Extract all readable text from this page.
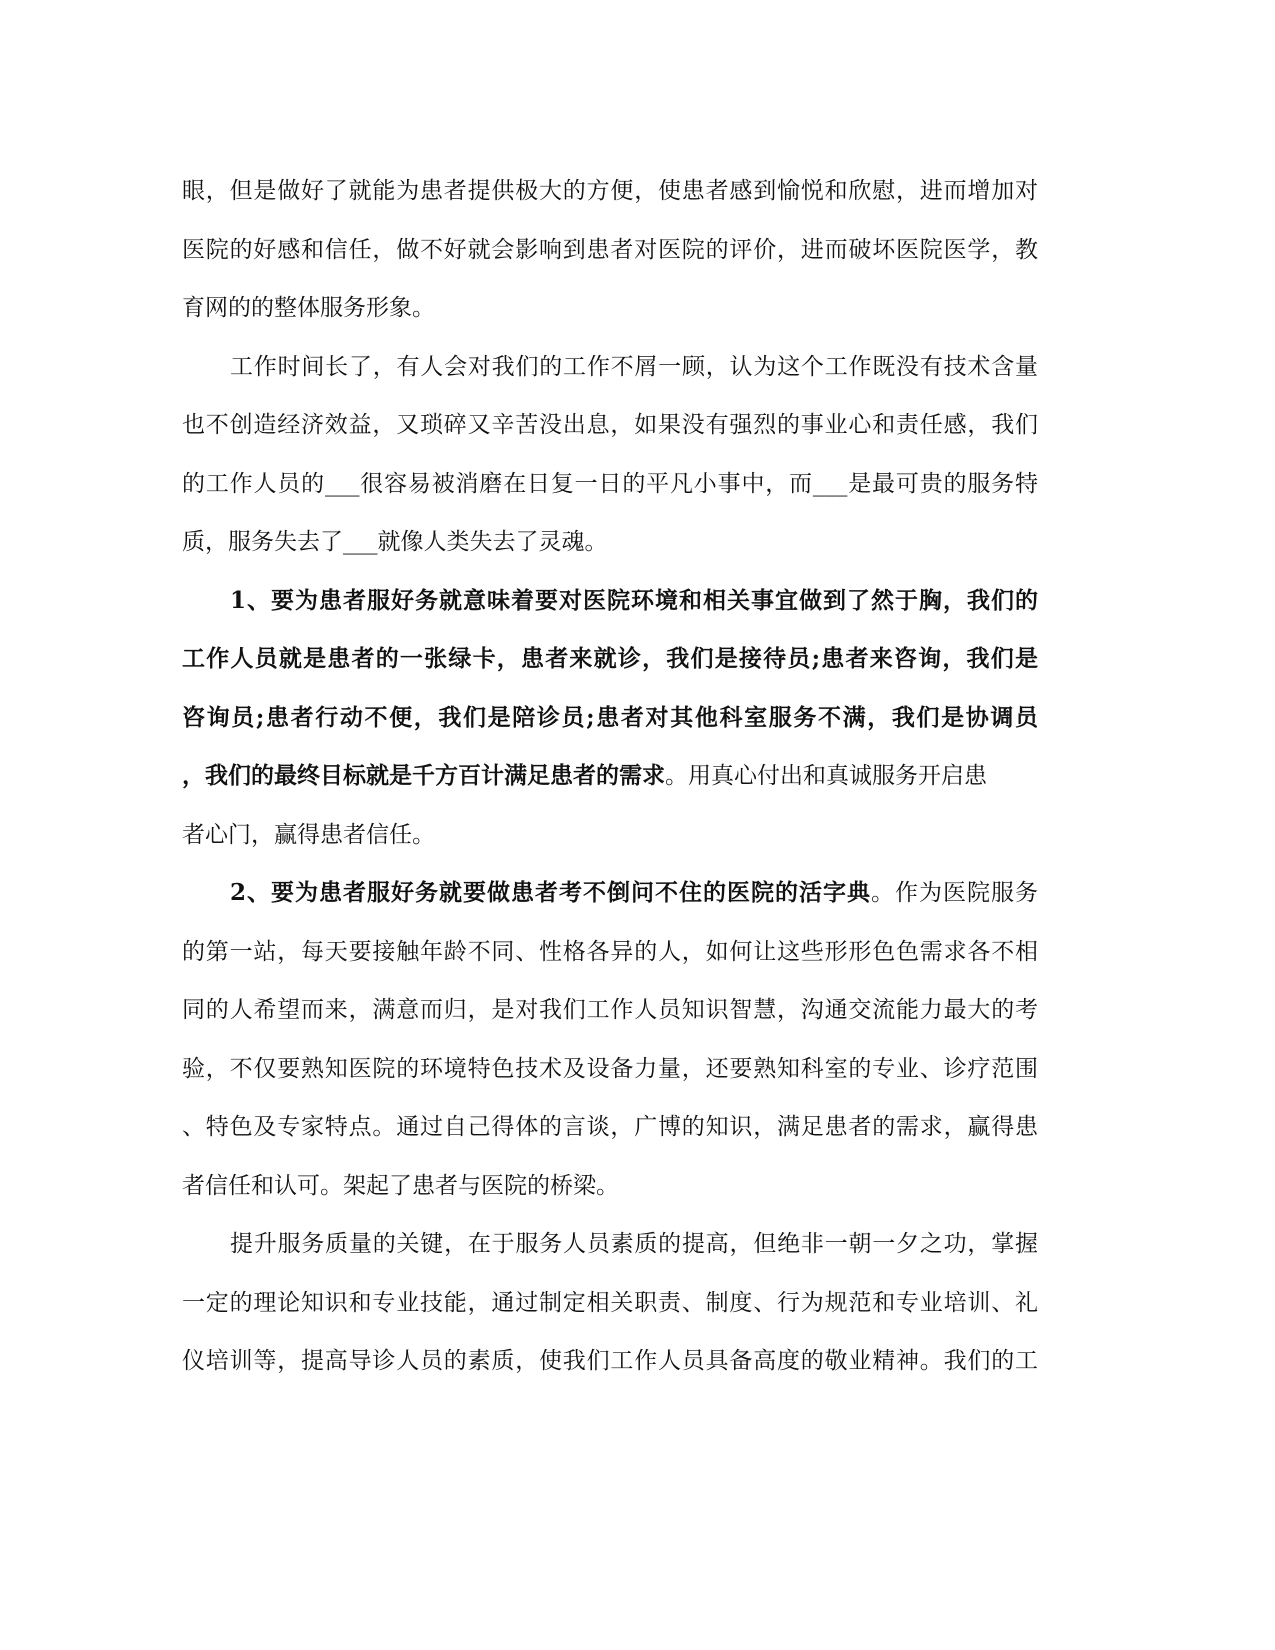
眼，但是做好了就能为患者提供极大的方便，使患者感到愉悦和欣慰，进而增加对
医院的好感和信任，做不好就会影响到患者对医院的评价，进而破坏医院医学，教
育网的的整体服务形象。
工作时间长了，有人会对我们的工作不屑一顾，认为这个工作既没有技术含量
也不创造经济效益，又琐碎又辛苦没出息，如果没有强烈的事业心和责任感，我们
的工作人员的___很容易被消磨在日复一日的平凡小事中，而___是最可贵的服务特
质，服务失去了___就像人类失去了灵魂。
1、要为患者服好务就意味着要对医院环境和相关事宜做到了然于胸，我们的
工作人员就是患者的一张绿卡，患者来就诊，我们是接待员;患者来咨询，我们是
咨询员;患者行动不便，我们是陪诊员;患者对其他科室服务不满，我们是协调员
，我们的最终目标就是千方百计满足患者的需求。用真心付出和真诚服务开启患
者心门，赢得患者信任。
2、要为患者服好务就要做患者考不倒问不住的医院的活字典。作为医院服务
的第一站，每天要接触年龄不同、性格各异的人，如何让这些形形色色需求各不相
同的人希望而来，满意而归，是对我们工作人员知识智慧，沟通交流能力最大的考
验，不仅要熟知医院的环境特色技术及设备力量，还要熟知科室的专业、诊疗范围
、特色及专家特点。通过自己得体的言谈，广博的知识，满足患者的需求，赢得患
者信任和认可。架起了患者与医院的桥梁。
提升服务质量的关键，在于服务人员素质的提高，但绝非一朝一夕之功，掌握
一定的理论知识和专业技能，通过制定相关职责、制度、行为规范和专业培训、礼
仪培训等，提高导诊人员的素质，使我们工作人员具备高度的敬业精神。我们的工
